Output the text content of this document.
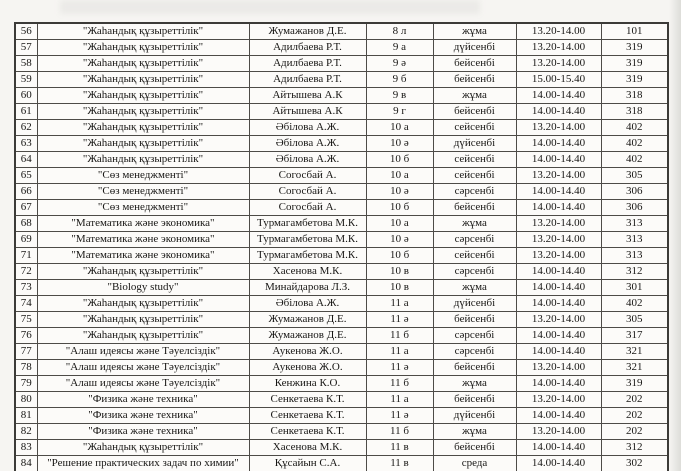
56	"Жаһандық құзыреттілік"	Жумажанов Д.Е.	8 л	жұма	13.20-14.00	101
57	"Жаһандық құзыреттілік"	Адилбаева Р.Т.	9 а	дүйсенбі	13.20-14.00	319
58	"Жаһандық құзыреттілік"	Адилбаева Р.Т.	9 ә	бейсенбі	13.20-14.00	319
59	"Жаһандық құзыреттілік"	Адилбаева Р.Т.	9 б	бейсенбі	15.00-15.40	319
60	"Жаһандық құзыреттілік"	Айтышева А.К	9 в	жұма	14.00-14.40	318
61	"Жаһандық құзыреттілік"	Айтышева А.К	9 г	бейсенбі	14.00-14.40	318
62	"Жаһандық құзыреттілік"	Әбілова А.Ж.	10 а	сейсенбі	13.20-14.00	402
63	"Жаһандық құзыреттілік"	Әбілова А.Ж.	10 ә	дүйсенбі	14.00-14.40	402
64	"Жаһандық құзыреттілік"	Әбілова А.Ж.	10 б	сейсенбі	14.00-14.40	402
65	"Сөз менеджменті"	Согосбай А.	10 а	сейсенбі	13.20-14.00	305
66	"Сөз менеджменті"	Согосбай А.	10 ә	сәрсенбі	14.00-14.40	306
67	"Сөз менеджменті"	Согосбай А.	10 б	бейсенбі	14.00-14.40	306
68	"Математика және экономика"	Турмагамбетова М.К.	10 а	жұма	13.20-14.00	313
69	"Математика және экономика"	Турмагамбетова М.К.	10 ә	сәрсенбі	13.20-14.00	313
71	"Математика және экономика"	Турмагамбетова М.К.	10 б	сейсенбі	13.20-14.00	313
72	"Жаһандық құзыреттілік"	Хасенова М.К.	10 в	сәрсенбі	14.00-14.40	312
73	"Biology study"	Минайдарова Л.З.	10 в	жұма	14.00-14.40	301
74	"Жаһандық құзыреттілік"	Әбілова А.Ж.	11 а	дүйсенбі	14.00-14.40	402
75	"Жаһандық құзыреттілік"	Жумажанов Д.Е.	11 ә	бейсенбі	13.20-14.00	305
76	"Жаһандық құзыреттілік"	Жумажанов Д.Е.	11 б	сәрсенбі	14.00-14.40	317
77	"Алаш идеясы және Тәуелсіздік"	Аукенова Ж.О.	11 а	сәрсенбі	14.00-14.40	321
78	"Алаш идеясы және Тәуелсіздік"	Аукенова Ж.О.	11 ә	бейсенбі	13.20-14.00	321
79	"Алаш идеясы және Тәуелсіздік"	Кенжина К.О.	11 б	жұма	14.00-14.40	319
80	"Физика және техника"	Сенкетаева К.Т.	11 а	бейсенбі	13.20-14.00	202
81	"Физика және техника"	Сенкетаева К.Т.	11 ә	дүйсенбі	14.00-14.40	202
82	"Физика және техника"	Сенкетаева К.Т.	11 б	жұма	13.20-14.00	202
83	"Жаһандық құзыреттілік"	Хасенова М.К.	11 в	бейсенбі	14.00-14.40	312
84	"Решение практических задач по химии"	Құсайын С.А.	11 в	среда	14.00-14.40	302
